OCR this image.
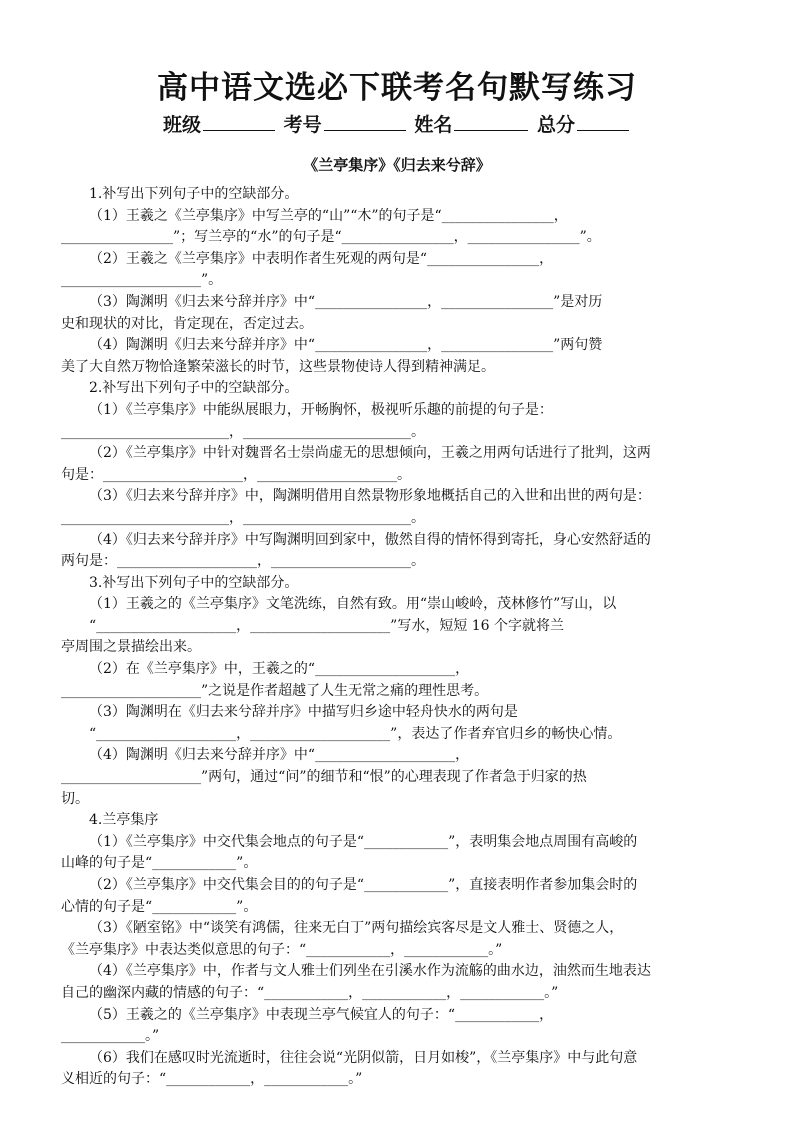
高中语文选必下联考名句默写练习
班级	考号	姓名	总分
《兰亭集序》《归去来兮辞》
1.补写出下列句子中的空缺部分。
（1）王羲之《兰亭集序》中写兰亭的“山”“木”的句子是“________________，
________________”；写兰亭的“水”的句子是“________________，________________”。
（2）王羲之《兰亭集序》中表明作者生死观的两句是“________________，
____________________”。
（3）陶渊明《归去来兮辞并序》中“________________，________________”是对历
史和现状的对比，肯定现在，否定过去。
（4）陶渊明《归去来兮辞并序》中“________________，________________”两句赞
美了大自然万物恰逢繁荣滋长的时节，这些景物使诗人得到精神满足。
2.补写出下列句子中的空缺部分。
（1）《兰亭集序》中能纵展眼力，开畅胸怀，极视听乐趣的前提的句子是：
________________________，________________________。
（2）《兰亭集序》中针对魏晋名士崇尚虚无的思想倾向，王羲之用两句话进行了批判，这两
句是：____________________，____________________。
（3）《归去来兮辞并序》中，陶渊明借用自然景物形象地概括自己的入世和出世的两句是：
________________________，________________________。
（4）《归去来兮辞并序》中写陶渊明回到家中，傲然自得的情怀得到寄托，身心安然舒适的
两句是：____________________，____________________。
3.补写出下列句子中的空缺部分。
（1）王羲之的《兰亭集序》文笔洗练，自然有致。用“崇山峻岭，茂林修竹”写山，以
“____________________，____________________”写水，短短 16 个字就将兰
亭周围之景描绘出来。
（2）在《兰亭集序》中，王羲之的“____________________，
____________________”之说是作者超越了人生无常之痛的理性思考。
（3）陶渊明在《归去来兮辞并序》中描写归乡途中轻舟快水的两句是
“____________________，____________________”，表达了作者弃官归乡的畅快心情。
（4）陶渊明《归去来兮辞并序》中“____________________，
____________________”两句，通过“问”的细节和“恨”的心理表现了作者急于归家的热
切。
4.兰亭集序
（1）《兰亭集序》中交代集会地点的句子是“____________”，表明集会地点周围有高峻的
山峰的句子是“____________”。
（2）《兰亭集序》中交代集会目的的句子是“____________”，直接表明作者参加集会时的
心情的句子是“____________”。
（3）《陋室铭》中“谈笑有鸿儒，往来无白丁”两句描绘宾客尽是文人雅士、贤德之人，
《兰亭集序》中表达类似意思的句子：“____________，____________。”
（4）《兰亭集序》中，作者与文人雅士们列坐在引溪水作为流觞的曲水边，油然而生地表达
自己的幽深内藏的情感的句子：“____________，____________，____________。”
（5）王羲之的《兰亭集序》中表现兰亭气候宜人的句子：“____________，
____________。”
（6）我们在感叹时光流逝时，往往会说“光阴似箭，日月如梭”，《兰亭集序》中与此句意
义相近的句子：“____________，____________。”
